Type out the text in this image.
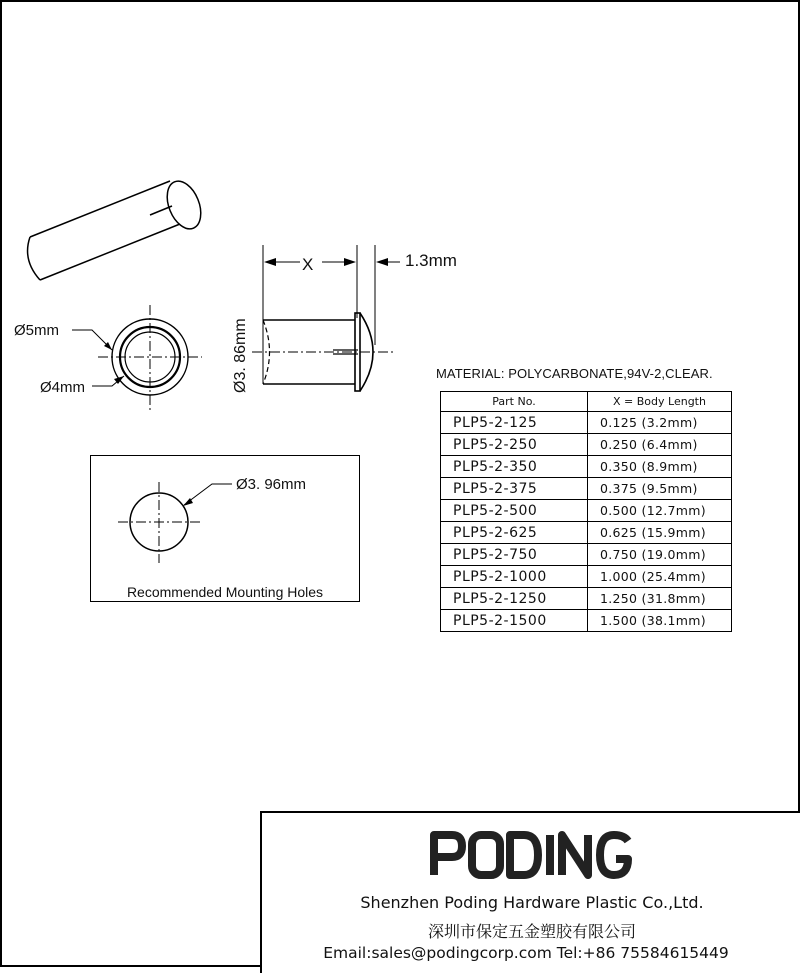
Ø5mm
Ø4mm
X	1.3mm
Ø3. 86mm
Ø3. 96mm
Recommended Mounting Holes
MATERIAL: POLYCARBONATE,94V-2,CLEAR.
Part No.	X = Body Length
PLP5-2-125	0.125 (3.2mm)
PLP5-2-250	0.250 (6.4mm)
PLP5-2-350	0.350 (8.9mm)
PLP5-2-375	0.375 (9.5mm)
PLP5-2-500	0.500 (12.7mm)
PLP5-2-625	0.625 (15.9mm)
PLP5-2-750	0.750 (19.0mm)
PLP5-2-1000	1.000 (25.4mm)
PLP5-2-1250	1.250 (31.8mm)
PLP5-2-1500	1.500 (38.1mm)
Shenzhen Poding Hardware Plastic Co.,Ltd.
深圳市保定五金塑胶有限公司
Email:sales@podingcorp.com Tel:+86 75584615449
